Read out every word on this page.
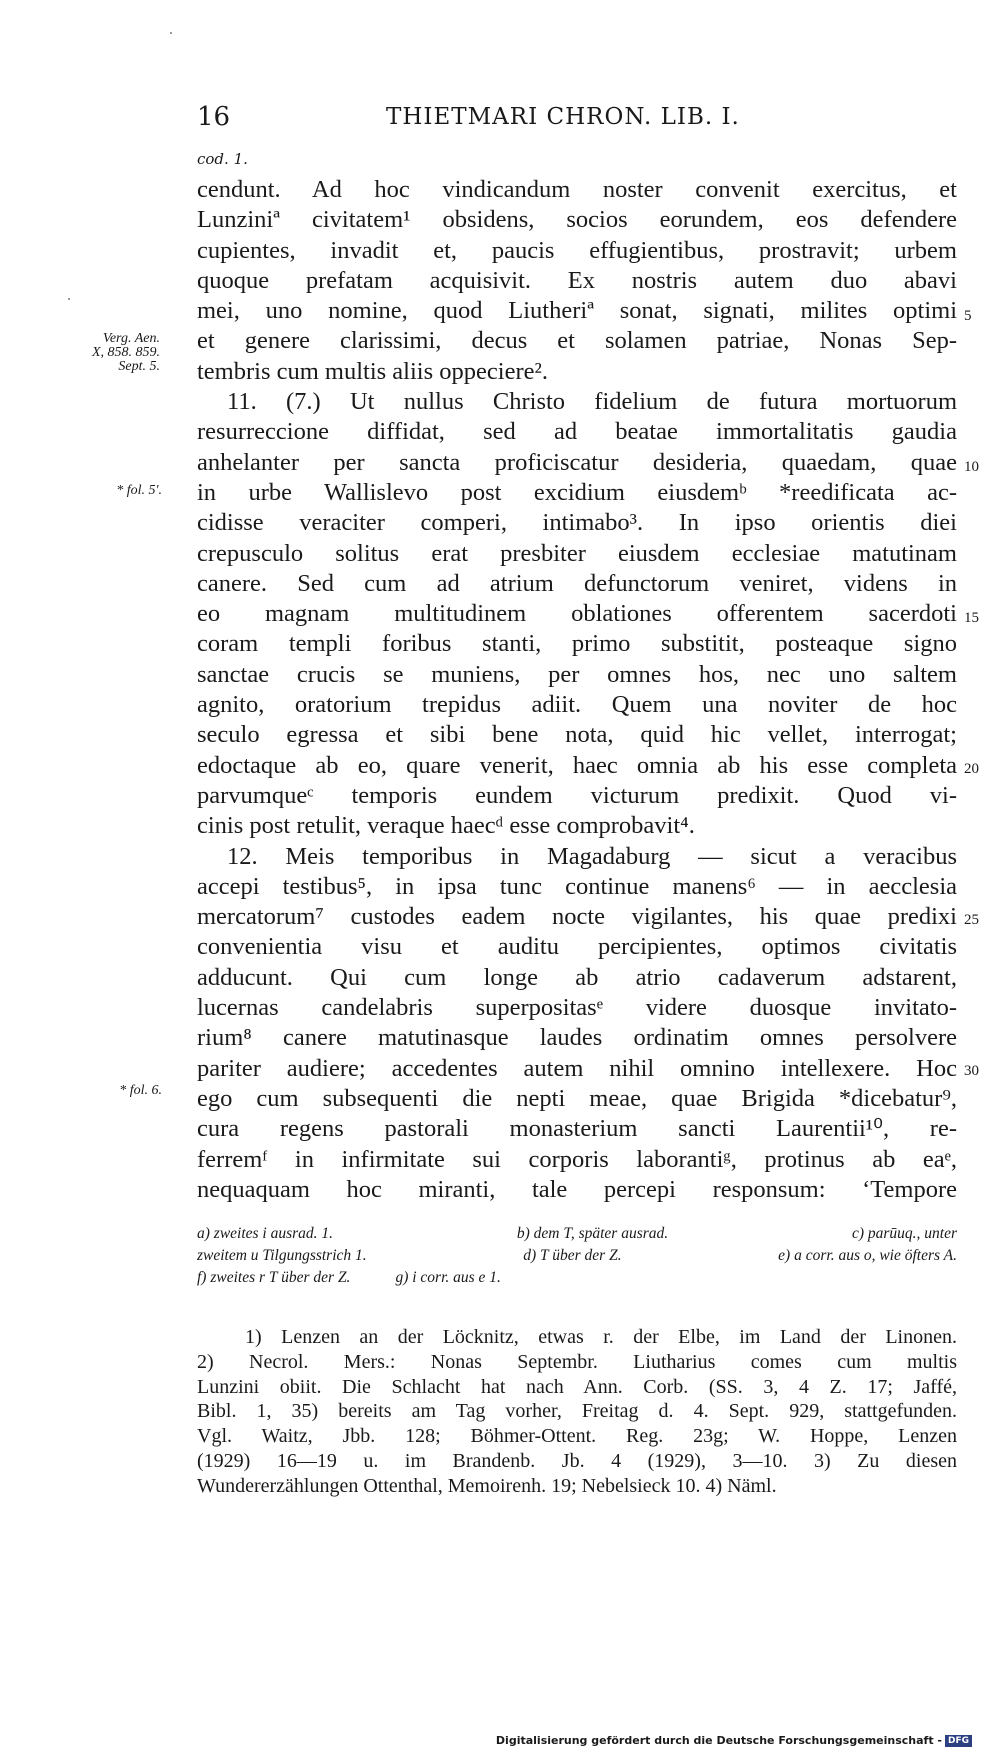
16	THIETMARI CHRON. LIB. I.
cod. 1.
Verg. Aen.
X, 858. 859.
Sept. 5.
* fol. 5'.
* fol. 6.
5
10
15
20
25
30
cendunt. Ad hoc vindicandum noster convenit exercitus, et
Lunziniª civitatem¹ obsidens, socios eorundem, eos defendere
cupientes, invadit et, paucis effugientibus, prostravit; urbem
quoque prefatam acquisivit. Ex nostris autem duo abavi
mei, uno nomine, quod Liutheriª sonat, signati, milites optimi
et genere clarissimi, decus et solamen patriae, Nonas Sep-
tembris cum multis aliis oppeciere².
11. (7.) Ut nullus Christo fidelium de futura mortuorum
resurreccione diffidat, sed ad beatae immortalitatis gaudia
anhelanter per sancta proficiscatur desideria, quaedam, quae
in urbe Wallislevo post excidium eiusdemᵇ *reedificata ac-
cidisse veraciter comperi, intimabo³. In ipso orientis diei
crepusculo solitus erat presbiter eiusdem ecclesiae matutinam
canere. Sed cum ad atrium defunctorum veniret, videns in
eo magnam multitudinem oblationes offerentem sacerdoti
coram templi foribus stanti, primo substitit, posteaque signo
sanctae crucis se muniens, per omnes hos, nec uno saltem
agnito, oratorium trepidus adiit. Quem una noviter de hoc
seculo egressa et sibi bene nota, quid hic vellet, interrogat;
edoctaque ab eo, quare venerit, haec omnia ab his esse completa
parvumqueᶜ temporis eundem victurum predixit. Quod vi-
cinis post retulit, veraque haecᵈ esse comprobavit⁴.
12. Meis temporibus in Magadaburg — sicut a veracibus
accepi testibus⁵, in ipsa tunc continue manens⁶ — in aecclesia
mercatorum⁷ custodes eadem nocte vigilantes, his quae predixi
convenientia visu et auditu percipientes, optimos civitatis
adducunt. Qui cum longe ab atrio cadaverum adstarent,
lucernas candelabris superpositasᵉ videre duosque invitato-
rium⁸ canere matutinasque laudes ordinatim omnes persolvere
pariter audiere; accedentes autem nihil omnino intellexere. Hoc
ego cum subsequenti die nepti meae, quae Brigida *dicebatur⁹,
cura regens pastorali monasterium sancti Laurentii¹⁰, re-
ferremᶠ in infirmitate sui corporis laborantiᵍ, protinus ab eaᵉ,
nequaquam hoc miranti, tale percepi responsum: ‘Tempore
a) zweites i ausrad. 1.	b) dem T, später ausrad.	c) parūuq., unter
zweitem u Tilgungsstrich 1.	d) T über der Z.	e) a corr. aus o, wie öfters A.
f) zweites r T über der Z.	g) i corr. aus e 1.
1) Lenzen an der Löcknitz, etwas r. der Elbe, im Land der Linonen.
2) Necrol. Mers.: Nonas Septembr. Liutharius comes cum multis
Lunzini obiit. Die Schlacht hat nach Ann. Corb. (SS. 3, 4 Z. 17; Jaffé,
Bibl. 1, 35) bereits am Tag vorher, Freitag d. 4. Sept. 929, stattgefunden.
Vgl. Waitz, Jbb. 128; Böhmer-Ottent. Reg. 23g; W. Hoppe, Lenzen
(1929) 16—19 u. im Brandenb. Jb. 4 (1929), 3—10. 3) Zu diesen
Wundererzählungen Ottenthal, Memoirenh. 19; Nebelsieck 10. 4) Näml.
Digitalisierung gefördert durch die Deutsche Forschungsgemeinschaft - DFG
